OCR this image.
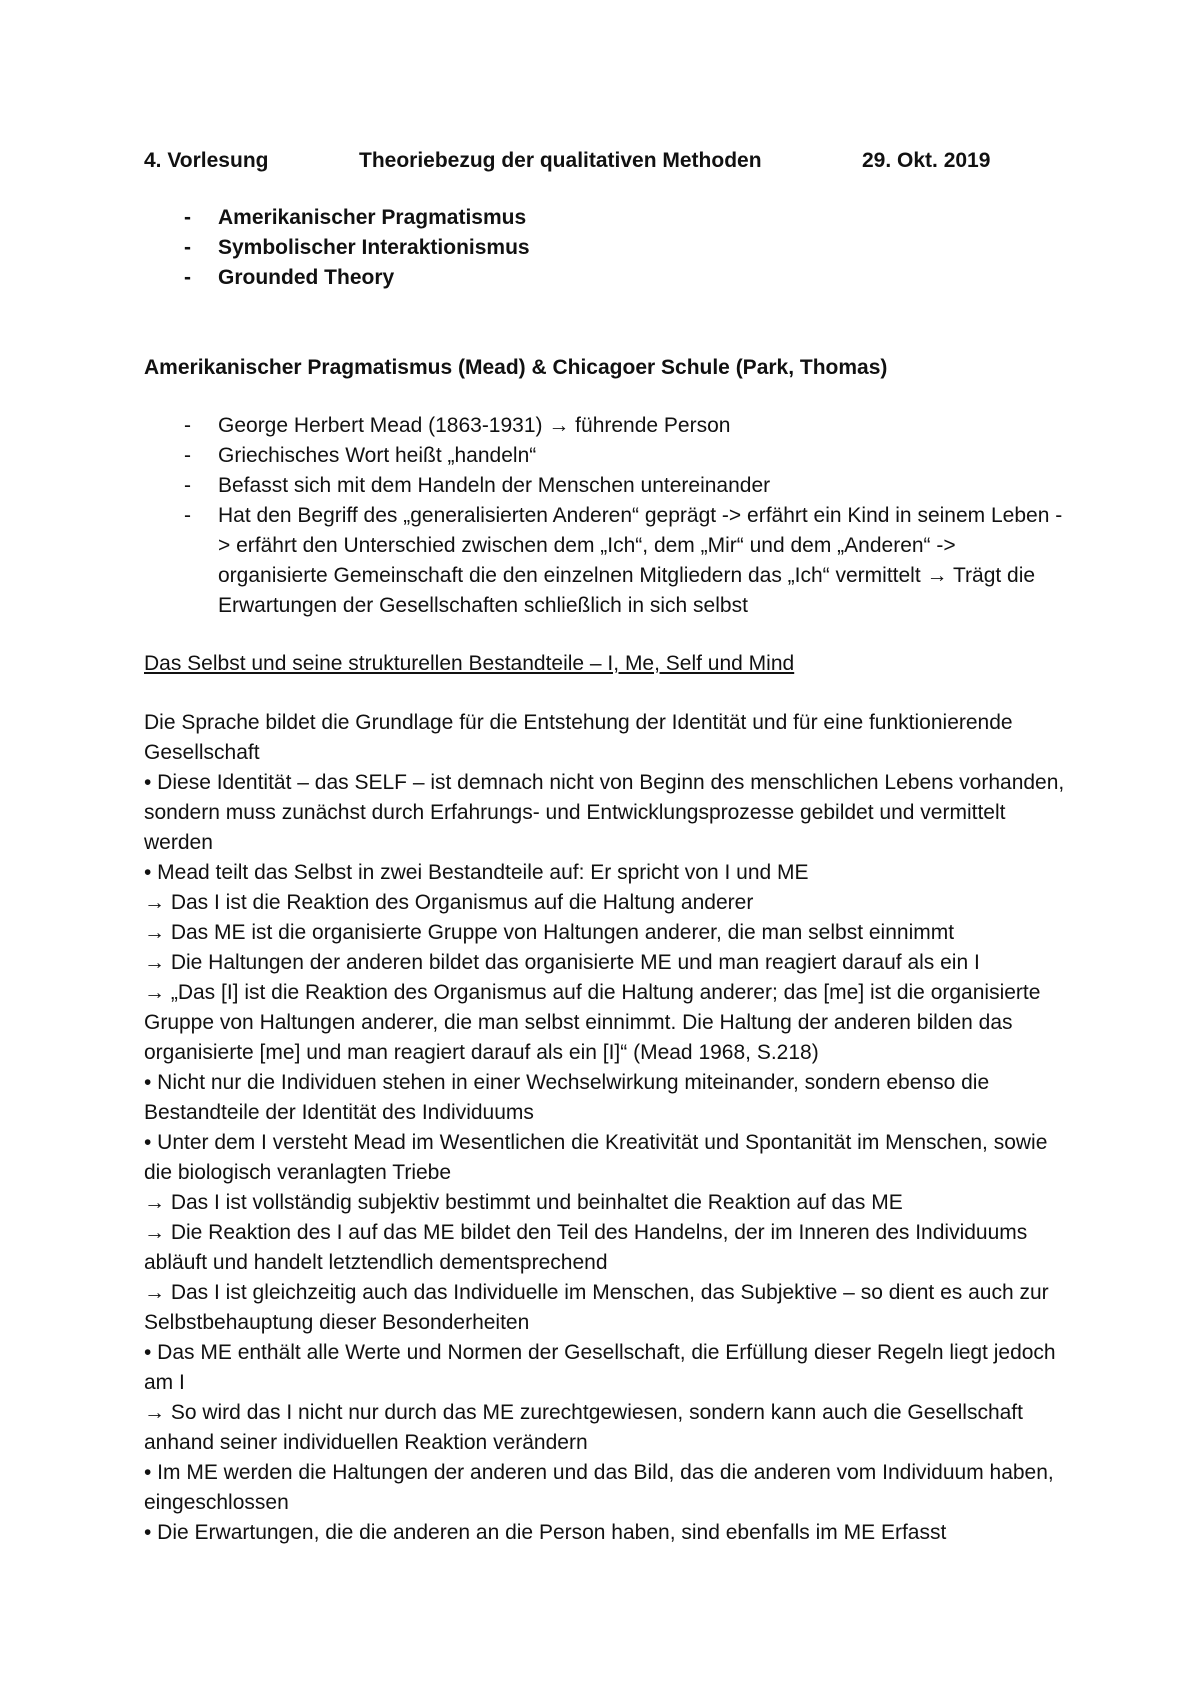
4. Vorlesung	Theoriebezug der qualitativen Methoden	29. Okt. 2019
- Amerikanischer Pragmatismus
- Symbolischer Interaktionismus
- Grounded Theory
Amerikanischer Pragmatismus (Mead) & Chicagoer Schule (Park, Thomas)
- George Herbert Mead (1863-1931) → führende Person
- Griechisches Wort heißt „handeln“
- Befasst sich mit dem Handeln der Menschen untereinander
- Hat den Begriff des „generalisierten Anderen“ geprägt -> erfährt ein Kind in seinem Leben -> erfährt den Unterschied zwischen dem „Ich“, dem „Mir“ und dem „Anderen“ -> organisierte Gemeinschaft die den einzelnen Mitgliedern das „Ich“ vermittelt → Trägt die Erwartungen der Gesellschaften schließlich in sich selbst
Das Selbst und seine strukturellen Bestandteile – I, Me, Self und Mind

Die Sprache bildet die Grundlage für die Entstehung der Identität und für eine funktionierende Gesellschaft

• Diese Identität – das SELF – ist demnach nicht von Beginn des menschlichen Lebens vorhanden, sondern muss zunächst durch Erfahrungs- und Entwicklungsprozesse gebildet und vermittelt werden

• Mead teilt das Selbst in zwei Bestandteile auf: Er spricht von I und ME

→ Das I ist die Reaktion des Organismus auf die Haltung anderer

→ Das ME ist die organisierte Gruppe von Haltungen anderer, die man selbst einnimmt

→ Die Haltungen der anderen bildet das organisierte ME und man reagiert darauf als ein I

→ „Das [I] ist die Reaktion des Organismus auf die Haltung anderer; das [me] ist die organisierte Gruppe von Haltungen anderer, die man selbst einnimmt. Die Haltung der anderen bilden das organisierte [me] und man reagiert darauf als ein [I]“ (Mead 1968, S.218)

• Nicht nur die Individuen stehen in einer Wechselwirkung miteinander, sondern ebenso die Bestandteile der Identität des Individuums

• Unter dem I versteht Mead im Wesentlichen die Kreativität und Spontanität im Menschen, sowie die biologisch veranlagten Triebe

→ Das I ist vollständig subjektiv bestimmt und beinhaltet die Reaktion auf das ME

→ Die Reaktion des I auf das ME bildet den Teil des Handelns, der im Inneren des Individuums abläuft und handelt letztendlich dementsprechend

→ Das I ist gleichzeitig auch das Individuelle im Menschen, das Subjektive – so dient es auch zur Selbstbehauptung dieser Besonderheiten

• Das ME enthält alle Werte und Normen der Gesellschaft, die Erfüllung dieser Regeln liegt jedoch am I

→ So wird das I nicht nur durch das ME zurechtgewiesen, sondern kann auch die Gesellschaft

anhand seiner individuellen Reaktion verändern

• Im ME werden die Haltungen der anderen und das Bild, das die anderen vom Individuum haben, eingeschlossen

• Die Erwartungen, die die anderen an die Person haben, sind ebenfalls im ME Erfasst
